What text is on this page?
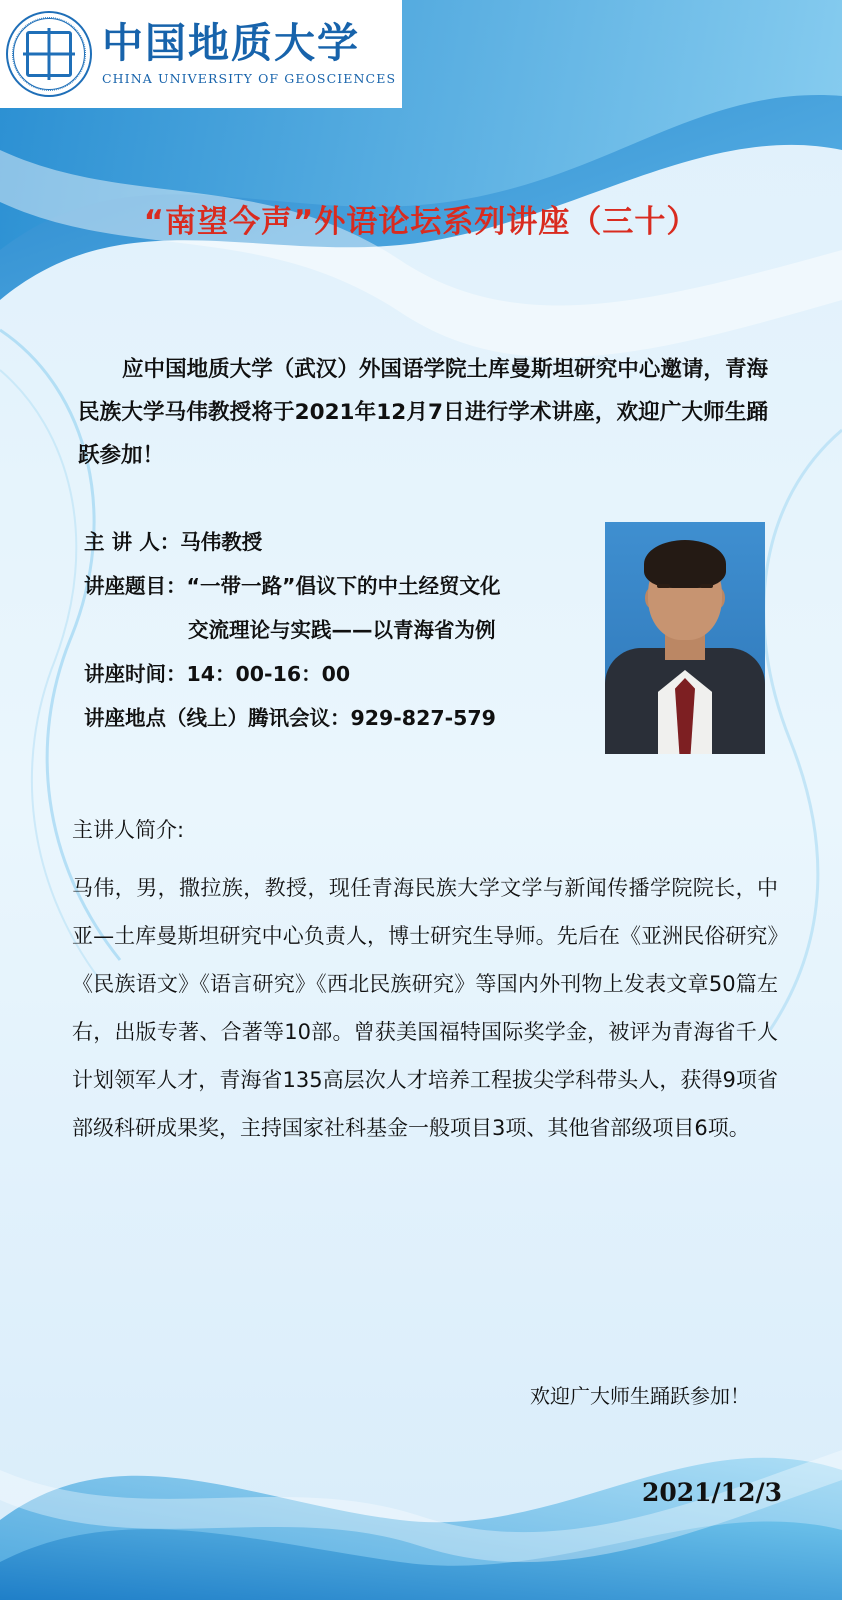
中国地质大学
CHINA UNIVERSITY OF GEOSCIENCES
“南望今声”外语论坛系列讲座（三十）
应中国地质大学（武汉）外国语学院土库曼斯坦研究中心邀请，青海民族大学马伟教授将于2021年12月7日进行学术讲座，欢迎广大师生踊跃参加！
主 讲 人：马伟教授
讲座题目：“一带一路”倡议下的中土经贸文化
交流理论与实践——以青海省为例
讲座时间：14：00-16：00
讲座地点（线上）腾讯会议：929-827-579
主讲人简介:
马伟，男，撒拉族，教授，现任青海民族大学文学与新闻传播学院院长，中亚—土库曼斯坦研究中心负责人，博士研究生导师。先后在《亚洲民俗研究》《民族语文》《语言研究》《西北民族研究》等国内外刊物上发表文章50篇左右，出版专著、合著等10部。曾获美国福特国际奖学金，被评为青海省千人计划领军人才，青海省135高层次人才培养工程拔尖学科带头人，获得9项省部级科研成果奖，主持国家社科基金一般项目3项、其他省部级项目6项。
欢迎广大师生踊跃参加！
2021/12/3
